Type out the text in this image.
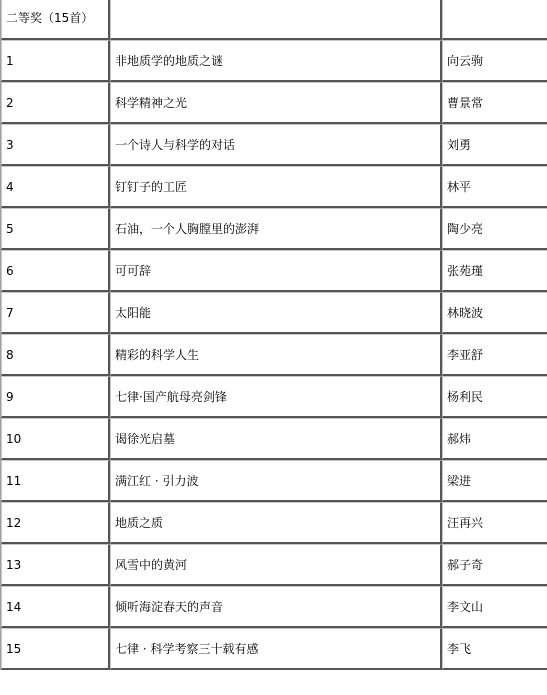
二等奖（15首）		
1	非地质学的地质之谜	向云驹
2	科学精神之光	曹景常
3	一个诗人与科学的对话	刘勇
4	钉钉子的工匠	林平
5	石油，一个人胸膛里的澎湃	陶少亮
6	可可辞	张苑瑾
7	太阳能	林晓波
8	精彩的科学人生	李亚舒
9	七律·国产航母亮剑锋	杨利民
10	谒徐光启墓	郝炜
11	满江红 · 引力波	梁进
12	地质之质	汪再兴
13	风雪中的黄河	郝子奇
14	倾听海淀春天的声音	李文山
15	七律 · 科学考察三十载有感	李飞
